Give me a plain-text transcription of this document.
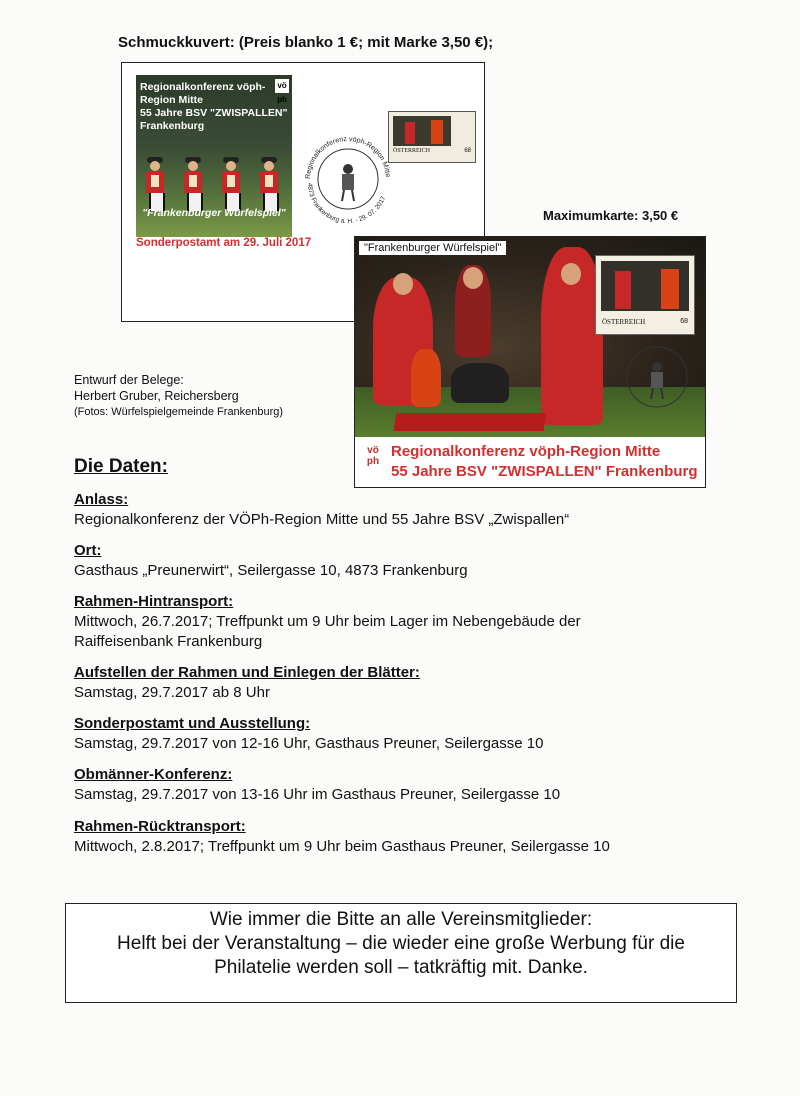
Schmuckkuvert: (Preis blanko 1 €; mit Marke 3,50 €);
Regionalkonferenz vöph-Region Mitte
55 Jahre BSV "ZWISPALLEN" Frankenburg
vö ph
"Frankenburger Würfelspiel"
Sonderpostamt am 29. Juli 2017
ÖSTERREICH	68
Regionalkonferenz vöph-Region Mitte
4873 Frankenburg a. H. - 29. 07. 2017
Maximumkarte: 3,50 €
"Frankenburger Würfelspiel"
ÖSTERREICH	68
vö
ph
Regionalkonferenz vöph-Region Mitte
55 Jahre BSV "ZWISPALLEN" Frankenburg
Entwurf der Belege:
Herbert Gruber, Reichersberg
(Fotos: Würfelspielgemeinde Frankenburg)
Die Daten:
Anlass:
Regionalkonferenz der VÖPh-Region Mitte und 55 Jahre BSV „Zwispallen“
Ort:
Gasthaus „Preunerwirt“, Seilergasse 10, 4873 Frankenburg
Rahmen-Hintransport:
Mittwoch, 26.7.2017; Treffpunkt um 9 Uhr beim Lager im Nebengebäude der
Raiffeisenbank Frankenburg
Aufstellen der Rahmen und Einlegen der Blätter:
Samstag, 29.7.2017 ab 8 Uhr
Sonderpostamt und Ausstellung:
Samstag, 29.7.2017 von 12-16 Uhr, Gasthaus Preuner, Seilergasse 10
Obmänner-Konferenz:
Samstag, 29.7.2017 von 13-16 Uhr im Gasthaus Preuner, Seilergasse 10
Rahmen-Rücktransport:
Mittwoch, 2.8.2017; Treffpunkt um 9 Uhr beim Gasthaus Preuner, Seilergasse 10
Wie immer die Bitte an alle Vereinsmitglieder:
Helft bei der Veranstaltung – die wieder eine große Werbung für die
Philatelie werden soll – tatkräftig mit. Danke.
